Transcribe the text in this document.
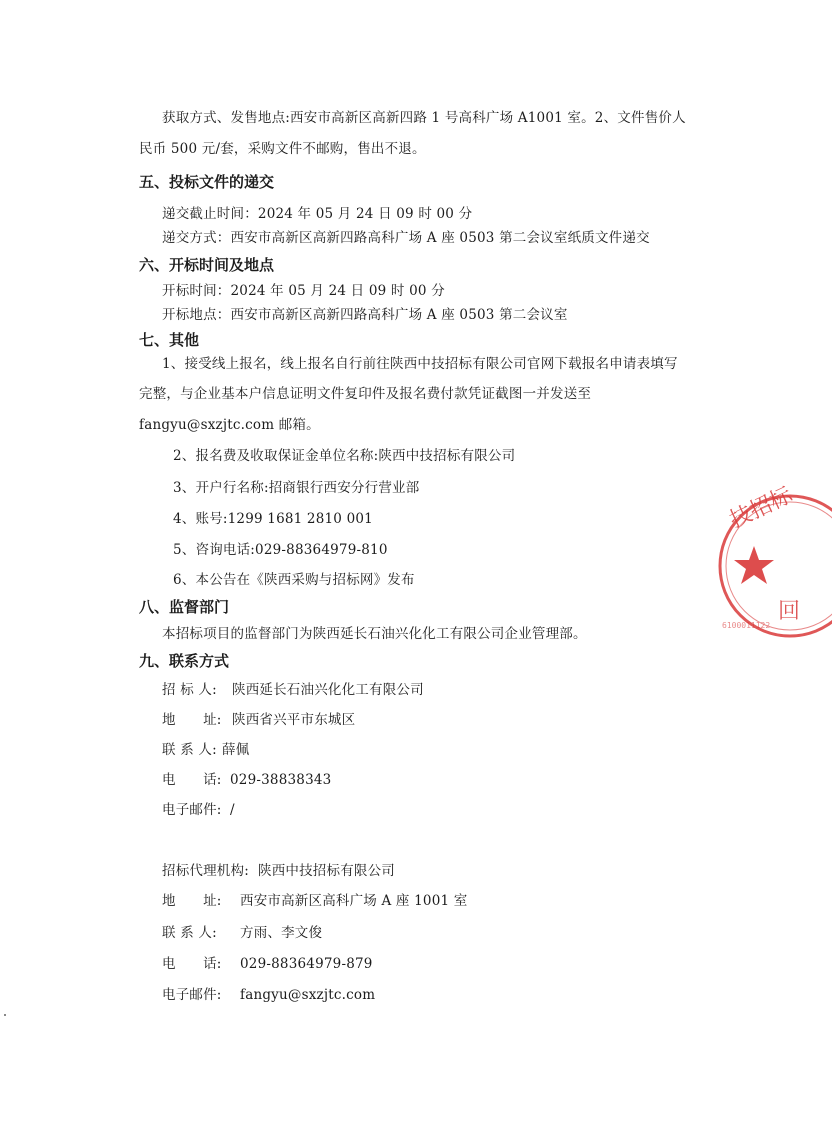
获取方式、发售地点:西安市高新区高新四路 1 号高科广场 A1001 室。2、文件售价人
民币 500 元/套，采购文件不邮购，售出不退。
五、投标文件的递交
递交截止时间：2024 年 05 月 24 日 09 时 00 分
递交方式：西安市高新区高新四路高科广场 A 座 0503 第二会议室纸质文件递交
六、开标时间及地点
开标时间：2024 年 05 月 24 日 09 时 00 分
开标地点：西安市高新区高新四路高科广场 A 座 0503 第二会议室
七、其他
1、接受线上报名，线上报名自行前往陕西中技招标有限公司官网下载报名申请表填写
完整，与企业基本户信息证明文件复印件及报名费付款凭证截图一并发送至
fangyu@sxzjtc.com 邮箱。
2、报名费及收取保证金单位名称:陕西中技招标有限公司
3、开户行名称:招商银行西安分行营业部
4、账号:1299 1681 2810 001
5、咨询电话:029-88364979-810
6、本公告在《陕西采购与招标网》发布
八、监督部门
本招标项目的监督部门为陕西延长石油兴化化工有限公司企业管理部。
九、联系方式
招 标 人: 陕西延长石油兴化化工有限公司
地　　址: 陕西省兴平市东城区
联 系 人: 薛佩
电　　话: 029-38838343
电子邮件: /
招标代理机构: 陕西中技招标有限公司
地　　址: 西安市高新区高科广场 A 座 1001 室
联 系 人: 方雨、李文俊
电　　话: 029-88364979-879
电子邮件: fangyu@sxzjtc.com
技招标
回
6100011122
